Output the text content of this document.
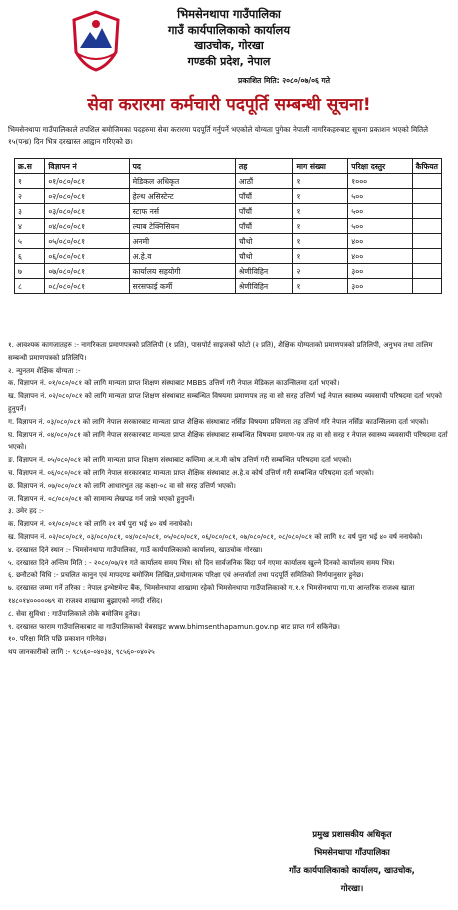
भिमसेनथापा गाउँपालिका
गाउँ कार्यपालिकाको कार्यालय
खाउचोक, गोरखा
गण्डकी प्रदेश, नेपाल
प्रकाशित मिति: २०८०/०७/०६ गते
सेवा करारमा कर्मचारी पदपूर्ति सम्बन्धी सूचना!
भिमसेनथापा गाउँपालिकाले तपशिल बमोजिमका पदहरुमा सेवा करारमा पदपूर्ति गर्नुपर्ने भएकोले योग्यता पुगेका नेपाली नागरिकहरुबाट सूचना प्रकाशन भएको मितिले १५(पन्ध्र) दिन भित्र दरखास्त आह्वान गरिएको छ।
क्र.स	विज्ञापन नं	पद	तह	माग संख्या	परिक्षा दस्तुर	कैफियत
१	०१/०८०/०८१	मेडिकल अधिकृत	आठौं	१	१०००	
२	०२/०८०/०८१	हेल्थ असिस्टेन्ट	पाँचौं	१	५००	
३	०३/०८०/०८१	स्टाफ नर्स	पाँचौं	१	५००	
४	०४/०८०/०८१	ल्याब टेक्निसियन	पाँचौं	१	५००	
५	०५/०८०/०८१	अनमी	चौथो	१	४००	
६	०६/०८०/०८१	अ.हे.व	चौथो	१	४००	
७	०७/०८०/०८१	कार्यालय सहयोगी	श्रेणीविहिन	२	३००	
८	०८/०८०/०८१	सरसफाई कर्मी	श्रेणीविहिन	१	३००	

१. आवश्यक कागजातहरु :- नागरिकता प्रमाणपत्रको प्रतिलिपी (१ प्रति), पासपोर्ट साइजको फोटो (२ प्रति), शैक्षिक योग्यताको प्रमाणपत्रको प्रतिलिपी, अनुभव तथा तालिम सम्बन्धी प्रमाणपत्रको प्रतिलिपि।

२. न्युनतम शैक्षिक योग्यता :-

क. विज्ञापन नं. ०१/०८०/०८१ को लागि मान्यता प्राप्त शिक्षण संस्थाबाट MBBS उत्तिर्ण गरी नेपाल मेडिकल काउन्सिलमा दर्ता भएको।

ख. विज्ञापन नं. ०२/०८०/०८१ को लागि मान्यता प्राप्त शिक्षण संस्थाबाट सम्बन्धित विषयमा प्रमाणपत्र तह वा सो सरह उत्तिर्ण भई नेपाल स्वास्थ्य व्यवसायी परिषदमा दर्ता भएको हुनुपर्ने।

ग. विज्ञापन नं. ०३/०८०/०८१ को लागि नेपाल सरकारबाट मान्यता प्राप्त शैक्षिक संस्थाबाट नर्सिङ विषयमा प्रविणता तह उत्तिर्ण गरि नेपाल नर्सिङ काउन्सिलमा दर्ता भएको।

घ. विज्ञापन नं. ०४/०८०/०८१ को लागि नेपाल सरकारबाट मान्यता प्राप्त शैक्षिक संस्थाबाट सम्बन्धित विषयमा प्रमाण-पत्र तह वा सो सरह र नेपाल स्वास्थ्य व्यवसायी परिषदमा दर्ता भएको।

ङ. विज्ञापन नं. ०५/०८०/०८१ को लागि मान्यता प्राप्त शिक्षण संस्थाबाट कम्तिमा अ.न.मी कोष उत्तिर्ण गरी सम्बन्धित परिषदमा दर्ता भएको।

च. विज्ञापन नं. ०६/०८०/०८१ को लागि नेपाल सरकारबाट मान्यता प्राप्त शैक्षिक संस्थाबाट अ.हे.व कोर्ष उत्तिर्ण गरी सम्बन्धित परिषदमा दर्ता भएको।

छ. विज्ञापन नं. ०७/०८०/०८१ को लागि आधारभुत तह कक्षा-०८ वा सो सरह उत्तिर्ण भएको।

ज. विज्ञापन नं. ०८/०८०/०८१ को सामान्य लेखपढ गर्न जान्ने भएको हुनुपर्ने।

३. उमेर हद :-

क. विज्ञापन नं. ०१/०८०/०८१ को लागि २१ वर्ष पुरा भई ४० वर्ष ननाघेको।

ख. विज्ञापन नं. ०२/०८०/०८१, ०३/०८०/०८१, ०४/०८०/०८१, ०५/०८०/०८१, ०६/०८०/०८१, ०७/०८०/०८१, ०८/०८०/०८१ को लागि १८ वर्ष पुरा भई ४० वर्ष ननाघेको।

४. दरखास्त दिने स्थान :- भिमसेनथापा गाउँपालिका, गाउँ कार्यपालिकाको कार्यालय, खाउचोक गोरखा।

५. दरखास्त दिने अन्तिम मिति : - २०८०/०७/२१ गते कार्यालय समय भित्र। सो दिन सार्वजनिक बिदा पर्न गएमा कार्यालय खुल्ने दिनको कार्यालय समय भित्र।

६. छनौटको विधि :- प्रचलित कानुन एवं मापदण्ड बमोजिम लिखित,प्रयोगात्मक परिक्षा एवं अन्तर्वार्ता तथा पदपूर्ति समितिको निर्णयानुसार हुनेछ।

७. दरखास्त जम्मा गर्ने तरिका : नेपाल इन्भेष्टमेन्ट बैंक, भिमसेनथापा शाखामा रहेको भिमसेनथापा गाउँपालिकाको ग.१.१ भिमसेनथापा गा.पा आन्तरिक राजश्व खाता १४८०१४०००००७९ वा राजश्व शाखामा बुझाएको नगदी रसिद।

८. सेवा सुविधा : गाउँपालिकाले तोके बमोजिम हुनेछ।

९. दरखास्त फाराम गाउँपालिकाबाट वा गाउँपालिकाको वेबसाइट www.bhimsenthapamun.gov.np बाट प्राप्त गर्न सकिनेछ।

१०. परिक्षा मिति पछि प्रकाशन गरिनेछ।

थप जानकारीको लागि :- ९८५६०-०४०३४, ९८५६०-०४०२५

प्रमुख प्रशासकीय अधिकृत
भिमसेनथापा गाँउपालिका
गाँउ कार्यपालिकाको कार्यालय, खाउचोक,
गोरखा।
